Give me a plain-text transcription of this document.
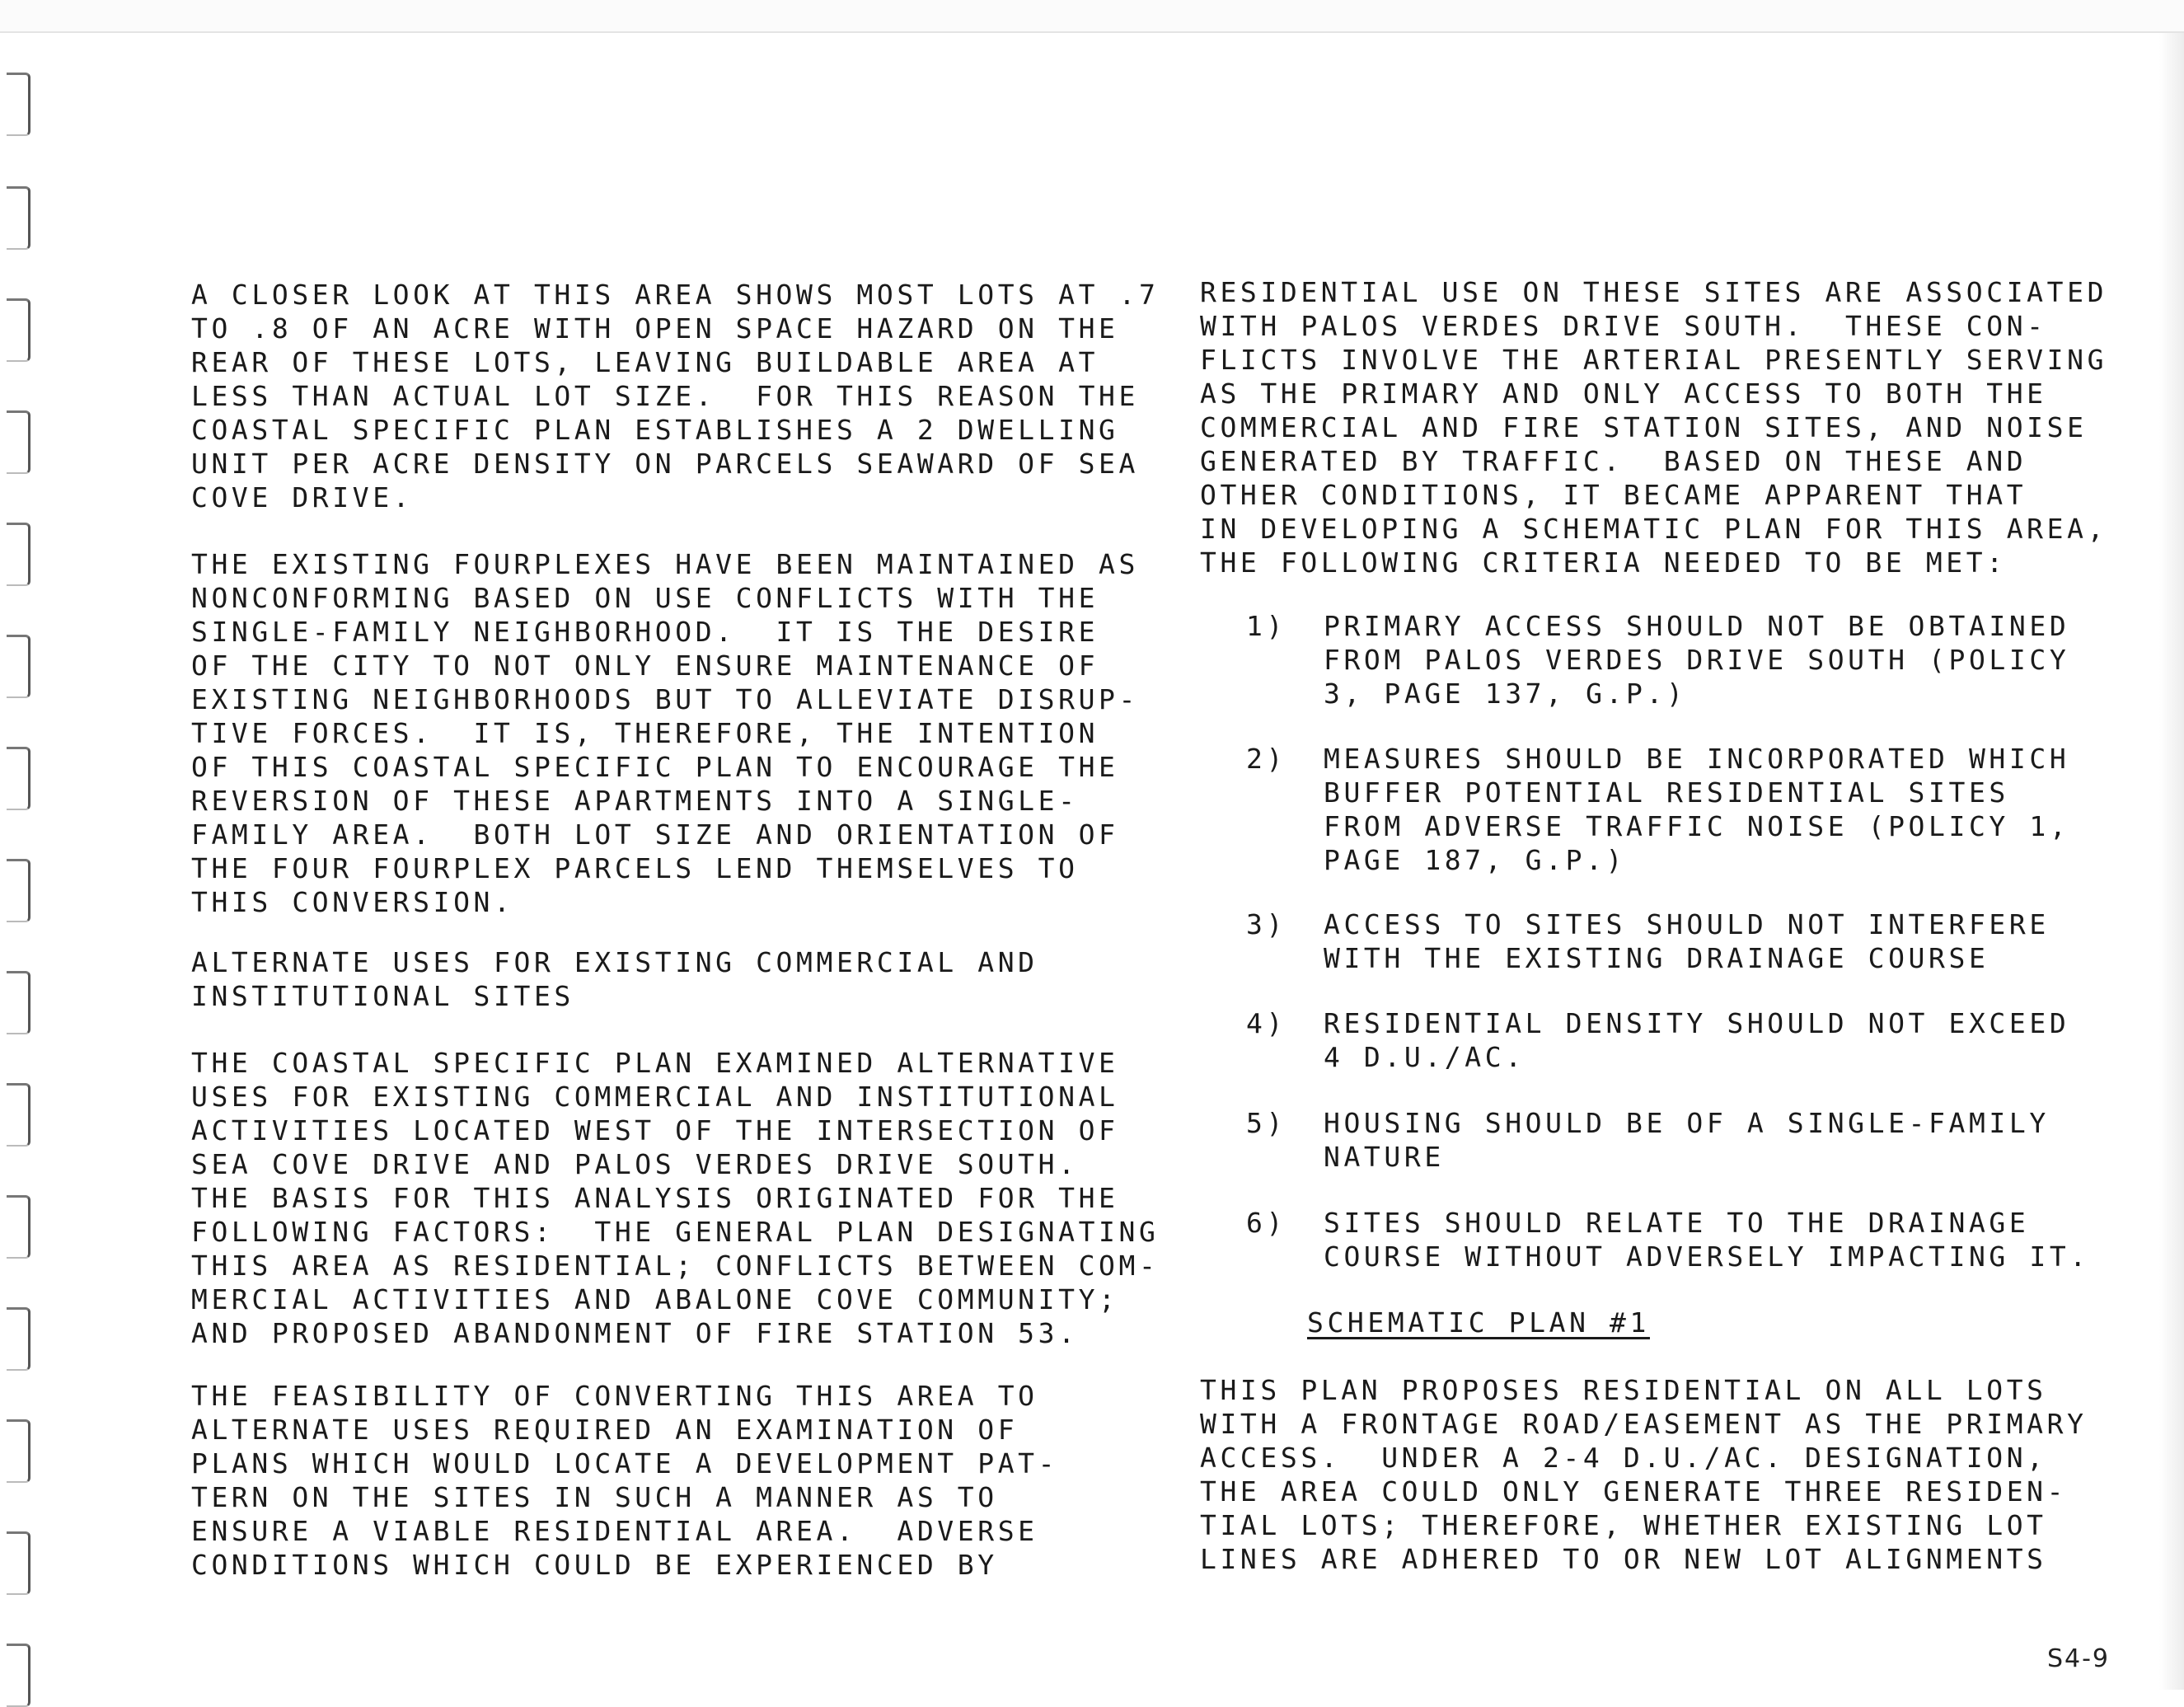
A CLOSER LOOK AT THIS AREA SHOWS MOST LOTS AT .7
TO .8 OF AN ACRE WITH OPEN SPACE HAZARD ON THE
REAR OF THESE LOTS, LEAVING BUILDABLE AREA AT
LESS THAN ACTUAL LOT SIZE.  FOR THIS REASON THE
COASTAL SPECIFIC PLAN ESTABLISHES A 2 DWELLING
UNIT PER ACRE DENSITY ON PARCELS SEAWARD OF SEA
COVE DRIVE.
THE EXISTING FOURPLEXES HAVE BEEN MAINTAINED AS
NONCONFORMING BASED ON USE CONFLICTS WITH THE
SINGLE-FAMILY NEIGHBORHOOD.  IT IS THE DESIRE
OF THE CITY TO NOT ONLY ENSURE MAINTENANCE OF
EXISTING NEIGHBORHOODS BUT TO ALLEVIATE DISRUP-
TIVE FORCES.  IT IS, THEREFORE, THE INTENTION
OF THIS COASTAL SPECIFIC PLAN TO ENCOURAGE THE
REVERSION OF THESE APARTMENTS INTO A SINGLE-
FAMILY AREA.  BOTH LOT SIZE AND ORIENTATION OF
THE FOUR FOURPLEX PARCELS LEND THEMSELVES TO
THIS CONVERSION.
ALTERNATE USES FOR EXISTING COMMERCIAL AND
INSTITUTIONAL SITES
THE COASTAL SPECIFIC PLAN EXAMINED ALTERNATIVE
USES FOR EXISTING COMMERCIAL AND INSTITUTIONAL
ACTIVITIES LOCATED WEST OF THE INTERSECTION OF
SEA COVE DRIVE AND PALOS VERDES DRIVE SOUTH.
THE BASIS FOR THIS ANALYSIS ORIGINATED FOR THE
FOLLOWING FACTORS:  THE GENERAL PLAN DESIGNATING
THIS AREA AS RESIDENTIAL; CONFLICTS BETWEEN COM-
MERCIAL ACTIVITIES AND ABALONE COVE COMMUNITY;
AND PROPOSED ABANDONMENT OF FIRE STATION 53.
THE FEASIBILITY OF CONVERTING THIS AREA TO
ALTERNATE USES REQUIRED AN EXAMINATION OF
PLANS WHICH WOULD LOCATE A DEVELOPMENT PAT-
TERN ON THE SITES IN SUCH A MANNER AS TO
ENSURE A VIABLE RESIDENTIAL AREA.  ADVERSE
CONDITIONS WHICH COULD BE EXPERIENCED BY
RESIDENTIAL USE ON THESE SITES ARE ASSOCIATED
WITH PALOS VERDES DRIVE SOUTH.  THESE CON-
FLICTS INVOLVE THE ARTERIAL PRESENTLY SERVING
AS THE PRIMARY AND ONLY ACCESS TO BOTH THE
COMMERCIAL AND FIRE STATION SITES, AND NOISE
GENERATED BY TRAFFIC.  BASED ON THESE AND
OTHER CONDITIONS, IT BECAME APPARENT THAT
IN DEVELOPING A SCHEMATIC PLAN FOR THIS AREA,
THE FOLLOWING CRITERIA NEEDED TO BE MET:
1) PRIMARY ACCESS SHOULD NOT BE OBTAINED
FROM PALOS VERDES DRIVE SOUTH (POLICY
3, PAGE 137, G.P.)
2) MEASURES SHOULD BE INCORPORATED WHICH
BUFFER POTENTIAL RESIDENTIAL SITES
FROM ADVERSE TRAFFIC NOISE (POLICY 1,
PAGE 187, G.P.)
3) ACCESS TO SITES SHOULD NOT INTERFERE
WITH THE EXISTING DRAINAGE COURSE
4) RESIDENTIAL DENSITY SHOULD NOT EXCEED
4 D.U./AC.
5) HOUSING SHOULD BE OF A SINGLE-FAMILY
NATURE
6) SITES SHOULD RELATE TO THE DRAINAGE
COURSE WITHOUT ADVERSELY IMPACTING IT.
SCHEMATIC PLAN #1
THIS PLAN PROPOSES RESIDENTIAL ON ALL LOTS
WITH A FRONTAGE ROAD/EASEMENT AS THE PRIMARY
ACCESS.  UNDER A 2-4 D.U./AC. DESIGNATION,
THE AREA COULD ONLY GENERATE THREE RESIDEN-
TIAL LOTS; THEREFORE, WHETHER EXISTING LOT
LINES ARE ADHERED TO OR NEW LOT ALIGNMENTS
S4-9
